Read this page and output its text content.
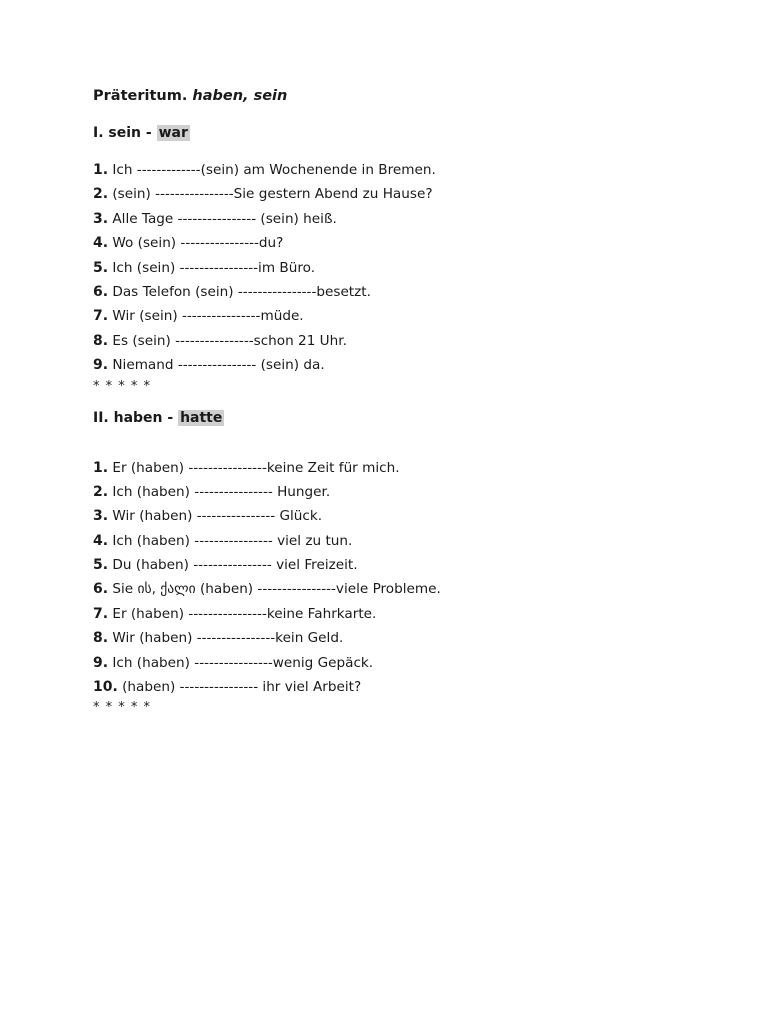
Präteritum. haben, sein
I. sein - war
1. Ich -------------(sein) am Wochenende in Bremen.
2. (sein) ----------------Sie gestern Abend zu Hause?
3. Alle Tage ---------------- (sein) heiß.
4. Wo (sein) ----------------du?
5. Ich (sein) ----------------im Büro.
6. Das Telefon (sein) ----------------besetzt.
7. Wir (sein) ----------------müde.
8. Es (sein) ----------------schon 21 Uhr.
9. Niemand ---------------- (sein) da.
* * * * *
II. haben - hatte
1. Er (haben) ----------------keine Zeit für mich.
2. Ich (haben) ---------------- Hunger.
3. Wir (haben) ---------------- Glück.
4. Ich (haben) ---------------- viel zu tun.
5. Du (haben) ---------------- viel Freizeit.
6. Sie ის, ქალი (haben) ----------------viele Probleme.
7. Er (haben) ----------------keine Fahrkarte.
8. Wir (haben) ----------------kein Geld.
9. Ich (haben) ----------------wenig Gepäck.
10. (haben) ---------------- ihr viel Arbeit?
* * * * *
